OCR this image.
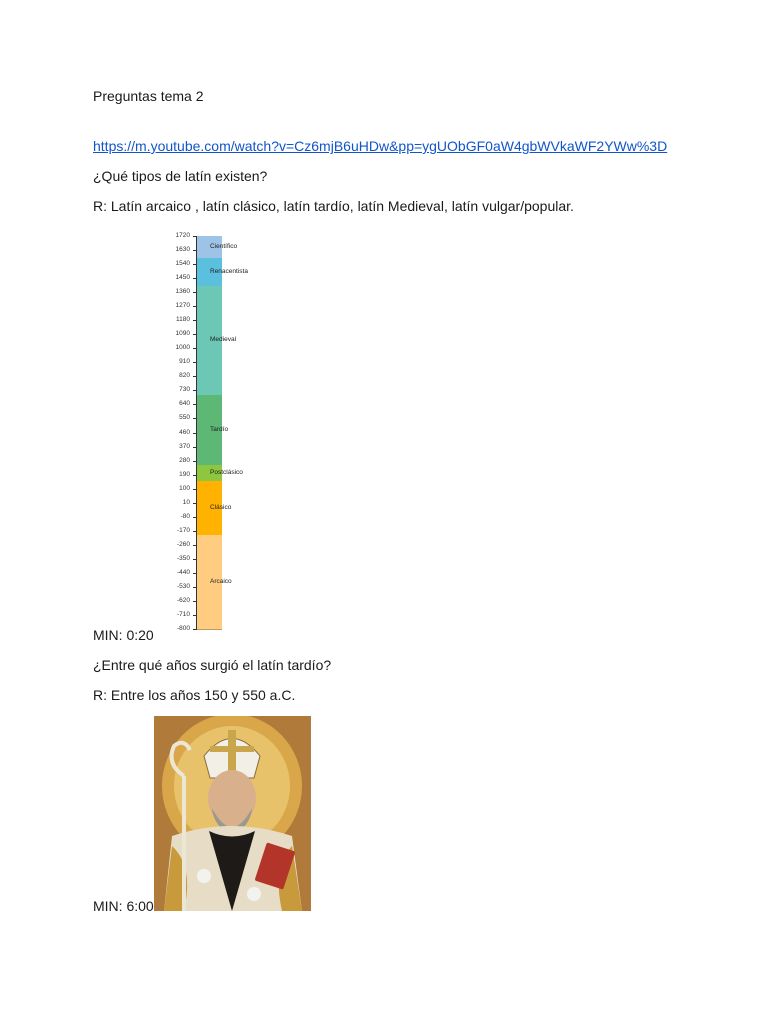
Preguntas tema 2
https://m.youtube.com/watch?v=Cz6mjB6uHDw&pp=ygUObGF0aW4gbWVkaWF2YWw%3D
¿Qué tipos de latín existen?
R: Latín arcaico , latín clásico, latín tardío, latín Medieval, latín vulgar/popular.
1720
1630
1540
1450
1360
1270
1180
1090
1000
910
820
730
640
550
460
370
280
190
100
10
-80
-170
-260
-350
-440
-530
-620
-710
-800
Científico
Renacentista
Medieval
Tardío
Postclásico
Clásico
Arcaico
MIN: 0:20
¿Entre qué años surgió el latín tardío?
R: Entre los años 150 y 550 a.C.
MIN: 6:00
